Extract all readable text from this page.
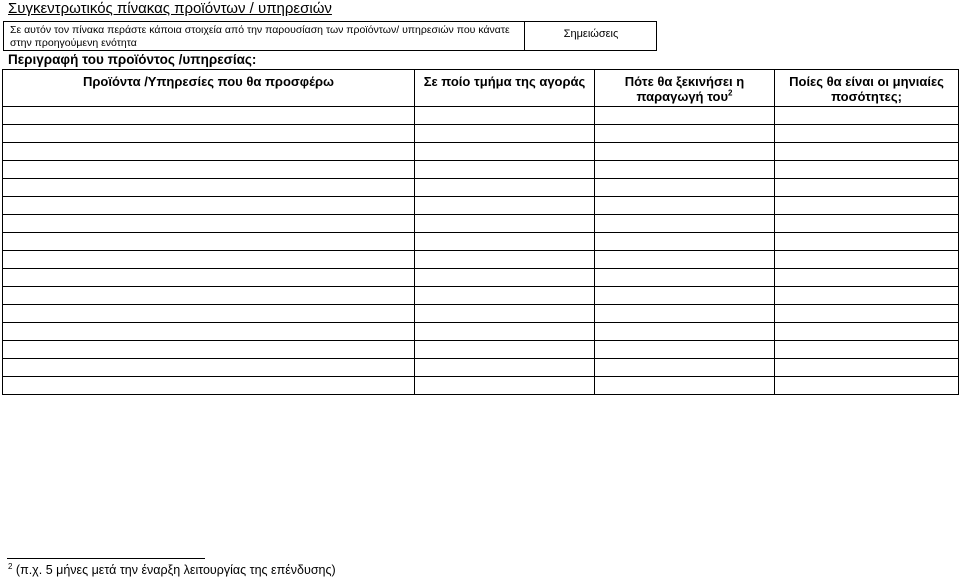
Συγκεντρωτικός πίνακας προϊόντων / υπηρεσιών
Σε αυτόν τον πίνακα περάστε κάποια στοιχεία από την παρουσίαση των προϊόντων/ υπηρεσιών που κάνατε στην προηγούμενη ενότητα
Σημειώσεις
Περιγραφή του προϊόντος /υπηρεσίας:
Προϊόντα /Υπηρεσίες που θα προσφέρω	Σε ποίο τμήμα της αγοράς	Πότε θα ξεκινήσει η παραγωγή του$^2$	Ποίες θα είναι οι μηνιαίες ποσότητες;

$^2$ (π.χ. 5 μήνες μετά την έναρξη λειτουργίας της επένδυσης)
